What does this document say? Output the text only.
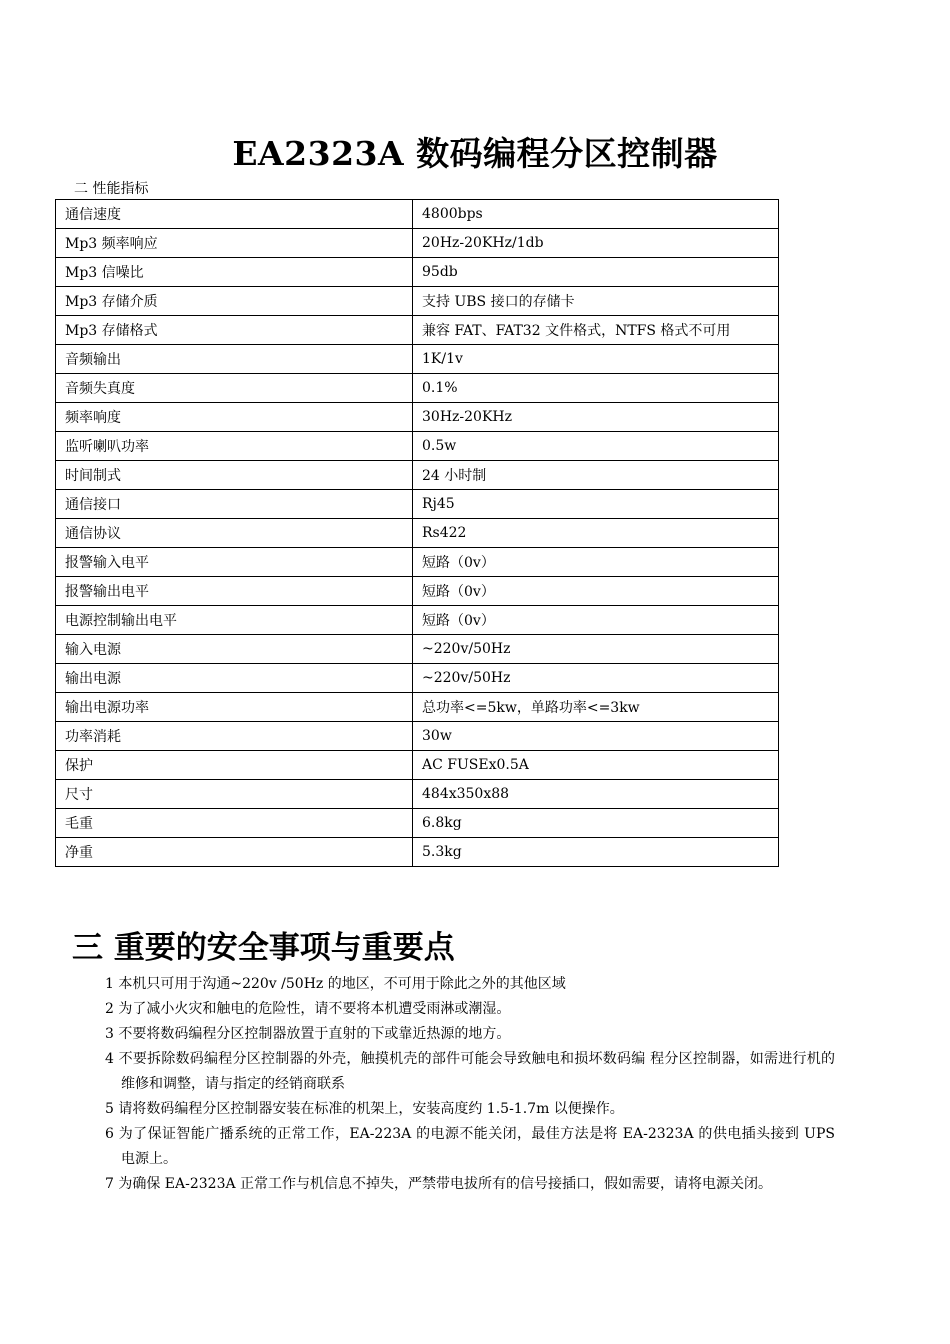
EA2323A 数码编程分区控制器
二 性能指标
通信速度	4800bps
Mp3 频率响应	20Hz-20KHz/1db
Mp3 信噪比	95db
Mp3 存储介质	支持 UBS 接口的存储卡
Mp3 存储格式	兼容 FAT、FAT32 文件格式，NTFS 格式不可用
音频输出	1K/1v
音频失真度	0.1%
频率响度	30Hz-20KHz
监听喇叭功率	0.5w
时间制式	24 小时制
通信接口	Rj45
通信协议	Rs422
报警输入电平	短路（0v）
报警输出电平	短路（0v）
电源控制输出电平	短路（0v）
输入电源	~220v/50Hz
输出电源	~220v/50Hz
输出电源功率	总功率<=5kw，单路功率<=3kw
功率消耗	30w
保护	AC FUSEx0.5A
尺寸	484x350x88
毛重	6.8kg
净重	5.3kg
三 重要的安全事项与重要点
1 本机只可用于沟通~220v /50Hz 的地区，不可用于除此之外的其他区域
2 为了减小火灾和触电的危险性，请不要将本机遭受雨淋或潮湿。
3 不要将数码编程分区控制器放置于直射的下或靠近热源的地方。
4 不要拆除数码编程分区控制器的外壳，触摸机壳的部件可能会导致触电和损坏数码编 程分区控制器，如需进行机的维修和调整，请与指定的经销商联系
5 请将数码编程分区控制器安装在标准的机架上，安装高度约 1.5-1.7m 以便操作。
6 为了保证智能广播系统的正常工作，EA-223A 的电源不能关闭，最佳方法是将 EA-2323A 的供电插头接到 UPS 电源上。
7 为确保 EA-2323A 正常工作与机信息不掉失，严禁带电拔所有的信号接插口，假如需要，请将电源关闭。
